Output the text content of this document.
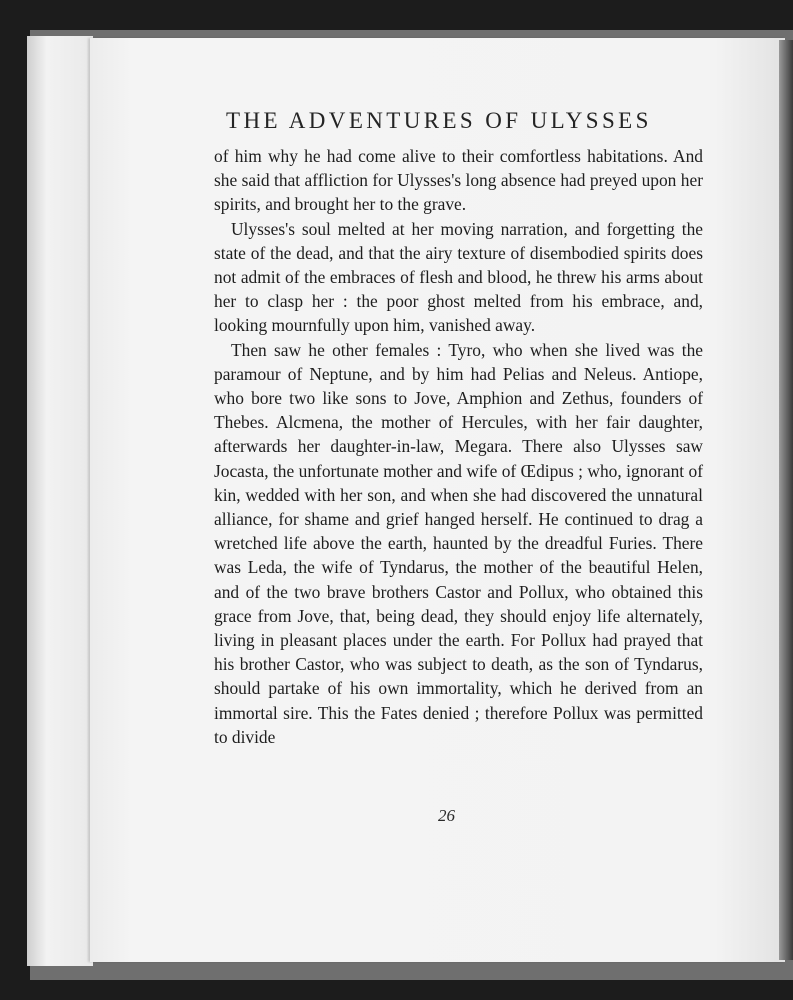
THE ADVENTURES OF ULYSSES

of him why he had come alive to their comfortless habitations. And she said that affliction for Ulysses's long absence had preyed upon her spirits, and brought her to the grave.

Ulysses's soul melted at her moving narration, and forgetting the state of the dead, and that the airy texture of disembodied spirits does not admit of the embraces of flesh and blood, he threw his arms about her to clasp her : the poor ghost melted from his embrace, and, looking mournfully upon him, vanished away.

Then saw he other females : Tyro, who when she lived was the paramour of Neptune, and by him had Pelias and Neleus. Antiope, who bore two like sons to Jove, Amphion and Zethus, founders of Thebes. Alcmena, the mother of Hercules, with her fair daughter, afterwards her daughter-in-law, Megara. There also Ulysses saw Jocasta, the unfortunate mother and wife of Œdipus ; who, ignorant of kin, wedded with her son, and when she had discovered the unnatural alliance, for shame and grief hanged herself. He continued to drag a wretched life above the earth, haunted by the dreadful Furies. There was Leda, the wife of Tyndarus, the mother of the beautiful Helen, and of the two brave brothers Castor and Pollux, who obtained this grace from Jove, that, being dead, they should enjoy life alternately, living in pleasant places under the earth. For Pollux had prayed that his brother Castor, who was subject to death, as the son of Tyndarus, should partake of his own immortality, which he derived from an immortal sire. This the Fates denied ; therefore Pollux was permitted to divide

26
